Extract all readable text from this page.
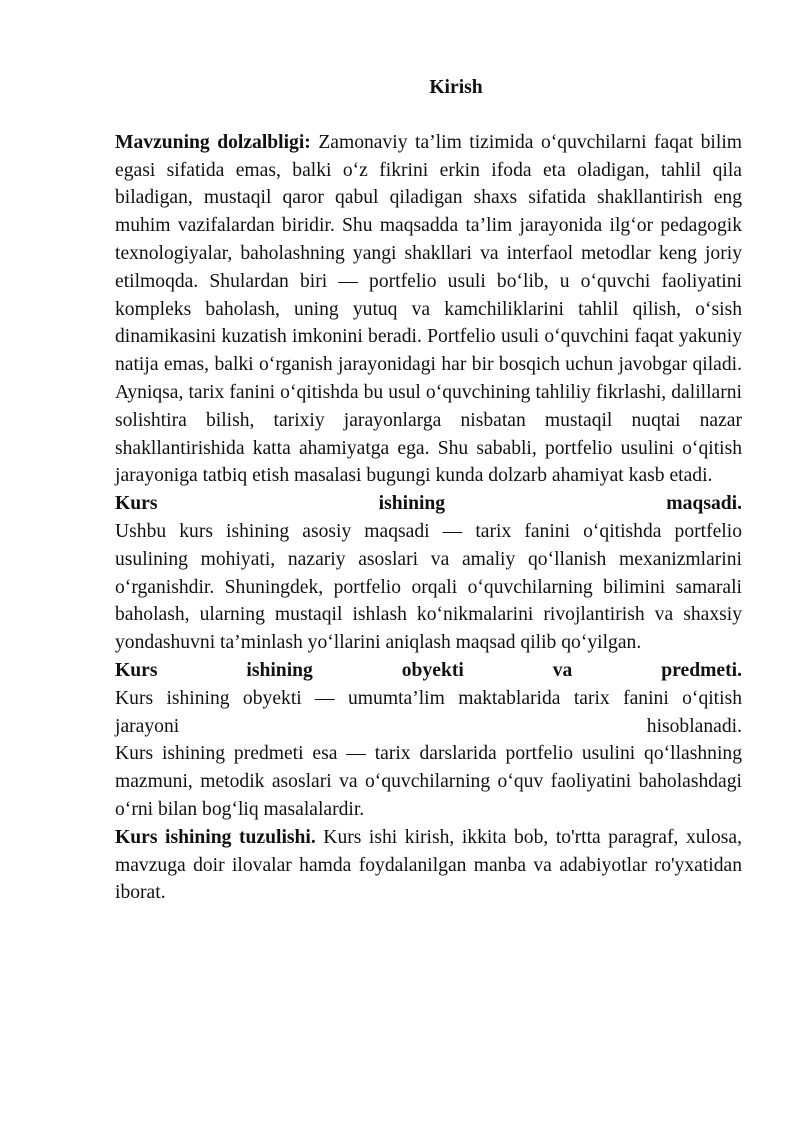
Kirish

Mavzuning dolzalbligi: Zamonaviy ta’lim tizimida o‘quvchilarni faqat bilim egasi sifatida emas, balki o‘z fikrini erkin ifoda eta oladigan, tahlil qila biladigan, mustaqil qaror qabul qiladigan shaxs sifatida shakllantirish eng muhim vazifalardan biridir. Shu maqsadda ta’lim jarayonida ilg‘or pedagogik texnologiyalar, baholashning yangi shakllari va interfaol metodlar keng joriy etilmoqda. Shulardan biri — portfelio usuli bo‘lib, u o‘quvchi faoliyatini kompleks baholash, uning yutuq va kamchiliklarini tahlil qilish, o‘sish dinamikasini kuzatish imkonini beradi. Portfelio usuli o‘quvchini faqat yakuniy natija emas, balki o‘rganish jarayonidagi har bir bosqich uchun javobgar qiladi. Ayniqsa, tarix fanini o‘qitishda bu usul o‘quvchining tahliliy fikrlashi, dalillarni solishtira bilish, tarixiy jarayonlarga nisbatan mustaqil nuqtai nazar shakllantirishida katta ahamiyatga ega. Shu sababli, portfelio usulini o‘qitish jarayoniga tatbiq etish masalasi bugungi kunda dolzarb ahamiyat kasb etadi.

Kurs ishining maqsadi.

Ushbu kurs ishining asosiy maqsadi — tarix fanini o‘qitishda portfelio usulining mohiyati, nazariy asoslari va amaliy qo‘llanish mexanizmlarini o‘rganishdir. Shuningdek, portfelio orqali o‘quvchilarning bilimini samarali baholash, ularning mustaqil ishlash ko‘nikmalarini rivojlantirish va shaxsiy yondashuvni ta’minlash yo‘llarini aniqlash maqsad qilib qo‘yilgan.

Kurs ishining obyekti va predmeti.

Kurs ishining obyekti — umumta’lim maktablarida tarix fanini o‘qitish jarayoni hisoblanadi.

Kurs ishining predmeti esa — tarix darslarida portfelio usulini qo‘llashning mazmuni, metodik asoslari va o‘quvchilarning o‘quv faoliyatini baholashdagi o‘rni bilan bog‘liq masalalardir.

Kurs ishining tuzulishi. Kurs ishi kirish, ikkita bob, to'rtta paragraf, xulosa, mavzuga doir ilovalar hamda foydalanilgan manba va adabiyotlar ro'yxatidan iborat.
